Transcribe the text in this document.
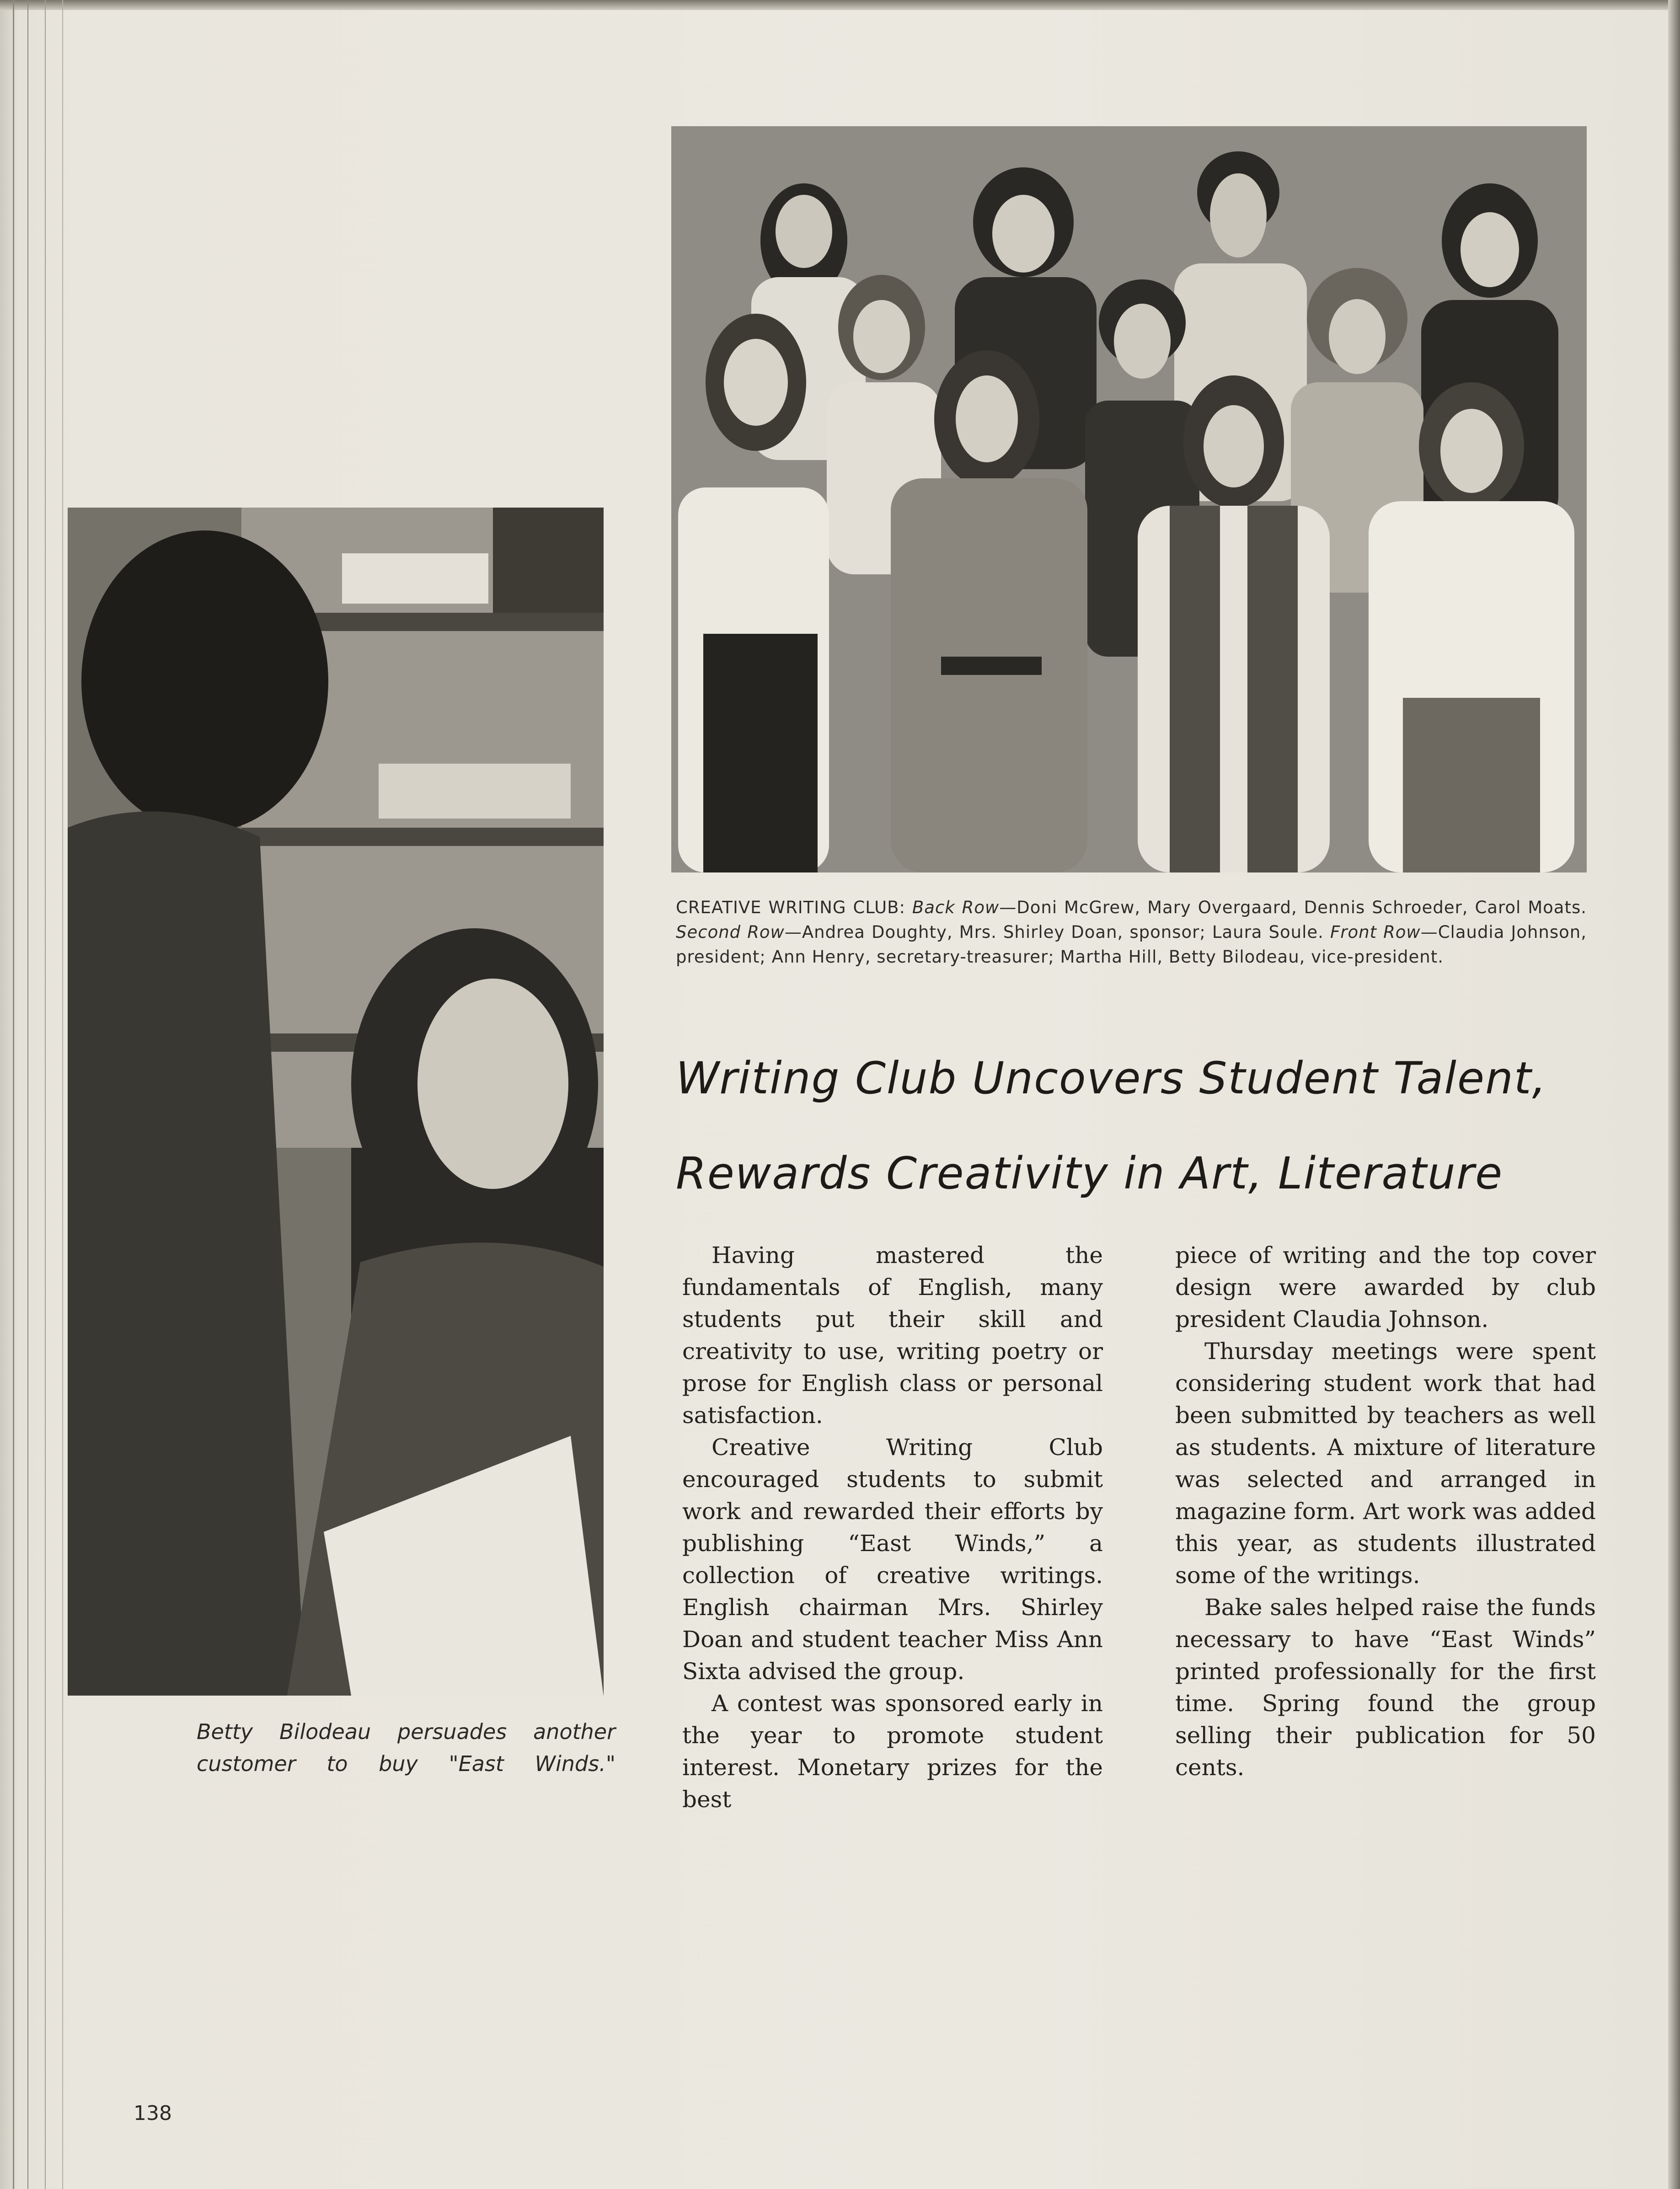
CREATIVE WRITING CLUB: Back Row—Doni McGrew, Mary Overgaard, Dennis Schroeder, Carol Moats. Second Row—Andrea Doughty, Mrs. Shirley Doan, sponsor; Laura Soule. Front Row—Claudia Johnson, president; Ann Henry, secretary-treasurer; Martha Hill, Betty Bilodeau, vice-president.
Writing Club Uncovers Student Talent,
Rewards Creativity in Art, Literature

Having mastered the fundamentals of English, many students put their skill and creativity to use, writing poetry or prose for English class or personal satisfaction.

Creative Writing Club encouraged students to submit work and rewarded their efforts by publishing “East Winds,” a collection of creative writings. English chairman Mrs. Shirley Doan and student teacher Miss Ann Sixta advised the group.

A contest was sponsored early in the year to promote student interest. Monetary prizes for the best

piece of writing and the top cover design were awarded by club president Claudia Johnson.

Thursday meetings were spent considering student work that had been submitted by teachers as well as students. A mixture of literature was selected and arranged in magazine form. Art work was added this year, as students illustrated some of the writings.

Bake sales helped raise the funds necessary to have “East Winds” printed professionally for the first time. Spring found the group selling their publication for 50 cents.

Betty Bilodeau persuades another customer to buy "East Winds."
138
